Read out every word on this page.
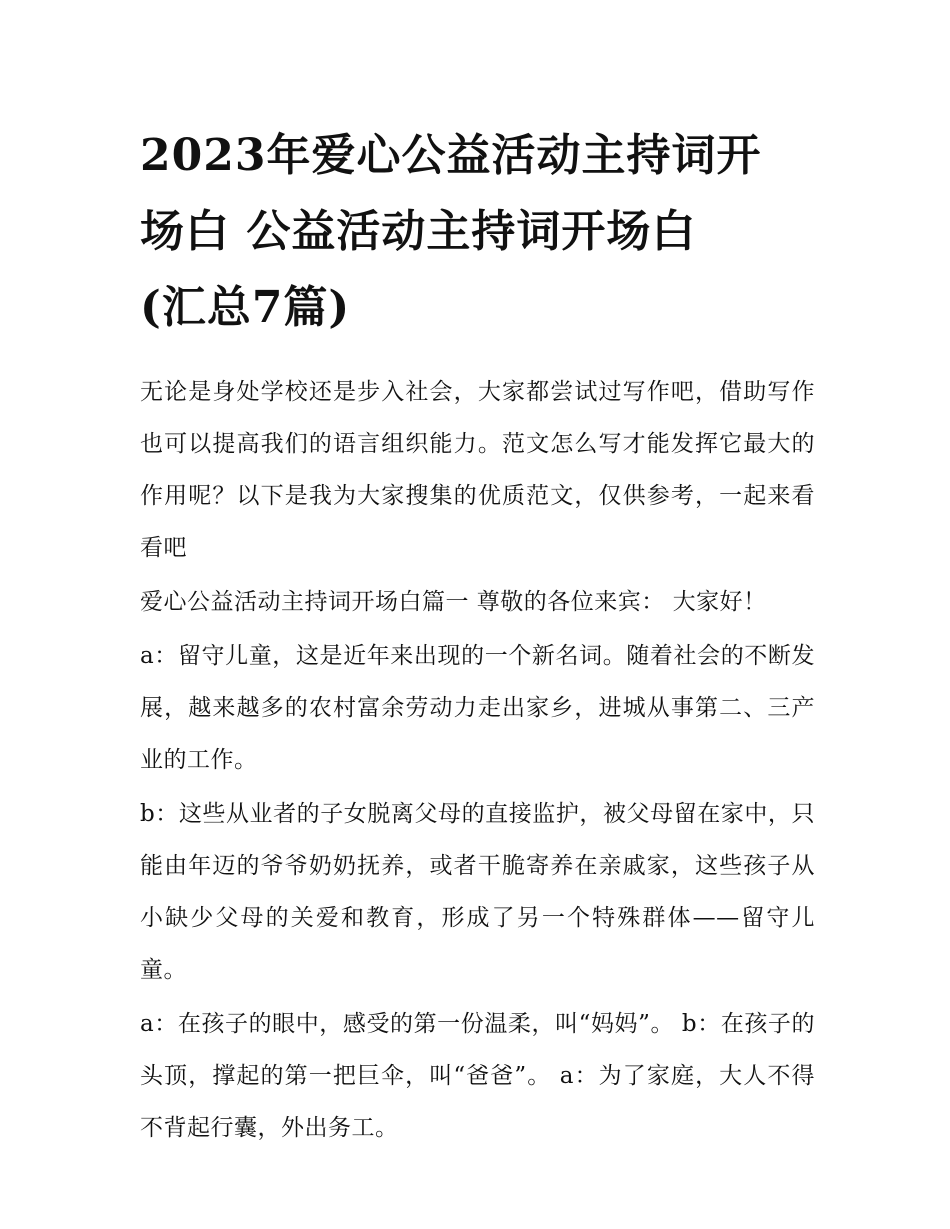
2023年爱心公益活动主持词开
场白 公益活动主持词开场白
(汇总7篇)

无论是身处学校还是步入社会，大家都尝试过写作吧，借助写作也可以提高我们的语言组织能力。范文怎么写才能发挥它最大的作用呢？以下是我为大家搜集的优质范文，仅供参考，一起来看看吧

爱心公益活动主持词开场白篇一 尊敬的各位来宾： 大家好！

a：留守儿童，这是近年来出现的一个新名词。随着社会的不断发展，越来越多的农村富余劳动力走出家乡，进城从事第二、三产业的工作。

b：这些从业者的子女脱离父母的直接监护，被父母留在家中，只能由年迈的爷爷奶奶抚养，或者干脆寄养在亲戚家，这些孩子从小缺少父母的关爱和教育，形成了另一个特殊群体——留守儿童。

a：在孩子的眼中，感受的第一份温柔，叫“妈妈”。 b：在孩子的头顶，撑起的第一把巨伞，叫“爸爸”。 a：为了家庭，大人不得不背起行囊，外出务工。
